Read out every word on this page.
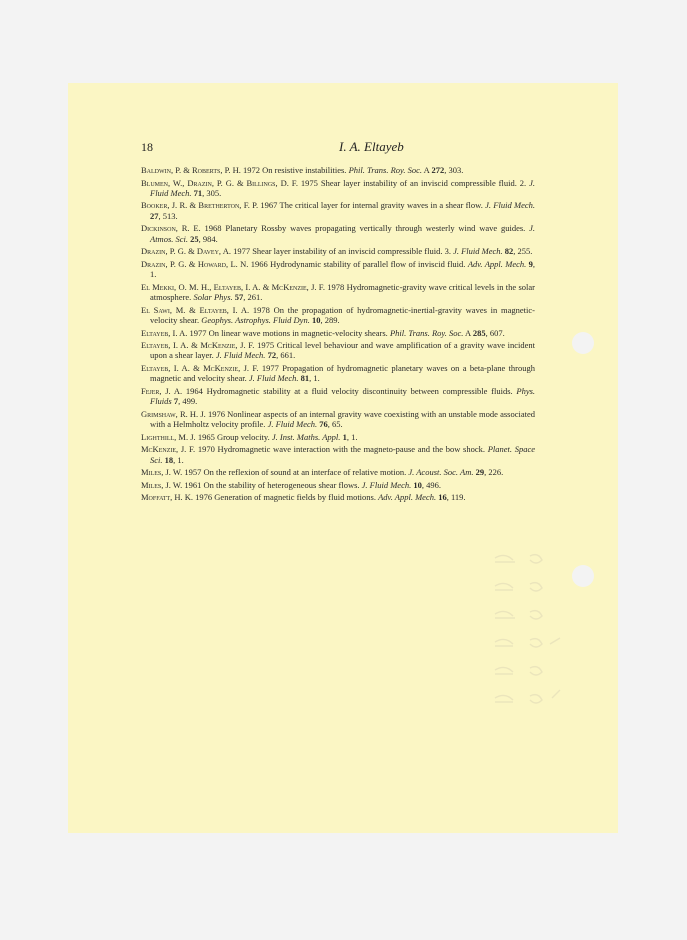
18	I. A. Eltayeb
Baldwin, P. & Roberts, P. H. 1972 On resistive instabilities. Phil. Trans. Roy. Soc. A 272, 303.
Blumen, W., Drazin, P. G. & Billings, D. F. 1975 Shear layer instability of an inviscid compressible fluid. 2. J. Fluid Mech. 71, 305.
Booker, J. R. & Bretherton, F. P. 1967 The critical layer for internal gravity waves in a shear flow. J. Fluid Mech. 27, 513.
Dickinson, R. E. 1968 Planetary Rossby waves propagating vertically through westerly wind wave guides. J. Atmos. Sci. 25, 984.
Drazin, P. G. & Davey, A. 1977 Shear layer instability of an inviscid compressible fluid. 3. J. Fluid Mech. 82, 255.
Drazin, P. G. & Howard, L. N. 1966 Hydrodynamic stability of parallel flow of inviscid fluid. Adv. Appl. Mech. 9, 1.
El Mekki, O. M. H., Eltayeb, I. A. & McKenzie, J. F. 1978 Hydromagnetic-gravity wave critical levels in the solar atmosphere. Solar Phys. 57, 261.
El Sawi, M. & Eltayeb, I. A. 1978 On the propagation of hydromagnetic-inertial-gravity waves in magnetic-velocity shear. Geophys. Astrophys. Fluid Dyn. 10, 289.
Eltayeb, I. A. 1977 On linear wave motions in magnetic-velocity shears. Phil. Trans. Roy. Soc. A 285, 607.
Eltayeb, I. A. & McKenzie, J. F. 1975 Critical level behaviour and wave amplification of a gravity wave incident upon a shear layer. J. Fluid Mech. 72, 661.
Eltayeb, I. A. & McKenzie, J. F. 1977 Propagation of hydromagnetic planetary waves on a beta-plane through magnetic and velocity shear. J. Fluid Mech. 81, 1.
Fejer, J. A. 1964 Hydromagnetic stability at a fluid velocity discontinuity between compressible fluids. Phys. Fluids 7, 499.
Grimshaw, R. H. J. 1976 Nonlinear aspects of an internal gravity wave coexisting with an unstable mode associated with a Helmholtz velocity profile. J. Fluid Mech. 76, 65.
Lighthill, M. J. 1965 Group velocity. J. Inst. Maths. Appl. 1, 1.
McKenzie, J. F. 1970 Hydromagnetic wave interaction with the magneto-pause and the bow shock. Planet. Space Sci. 18, 1.
Miles, J. W. 1957 On the reflexion of sound at an interface of relative motion. J. Acoust. Soc. Am. 29, 226.
Miles, J. W. 1961 On the stability of heterogeneous shear flows. J. Fluid Mech. 10, 496.
Moffatt, H. K. 1976 Generation of magnetic fields by fluid motions. Adv. Appl. Mech. 16, 119.
